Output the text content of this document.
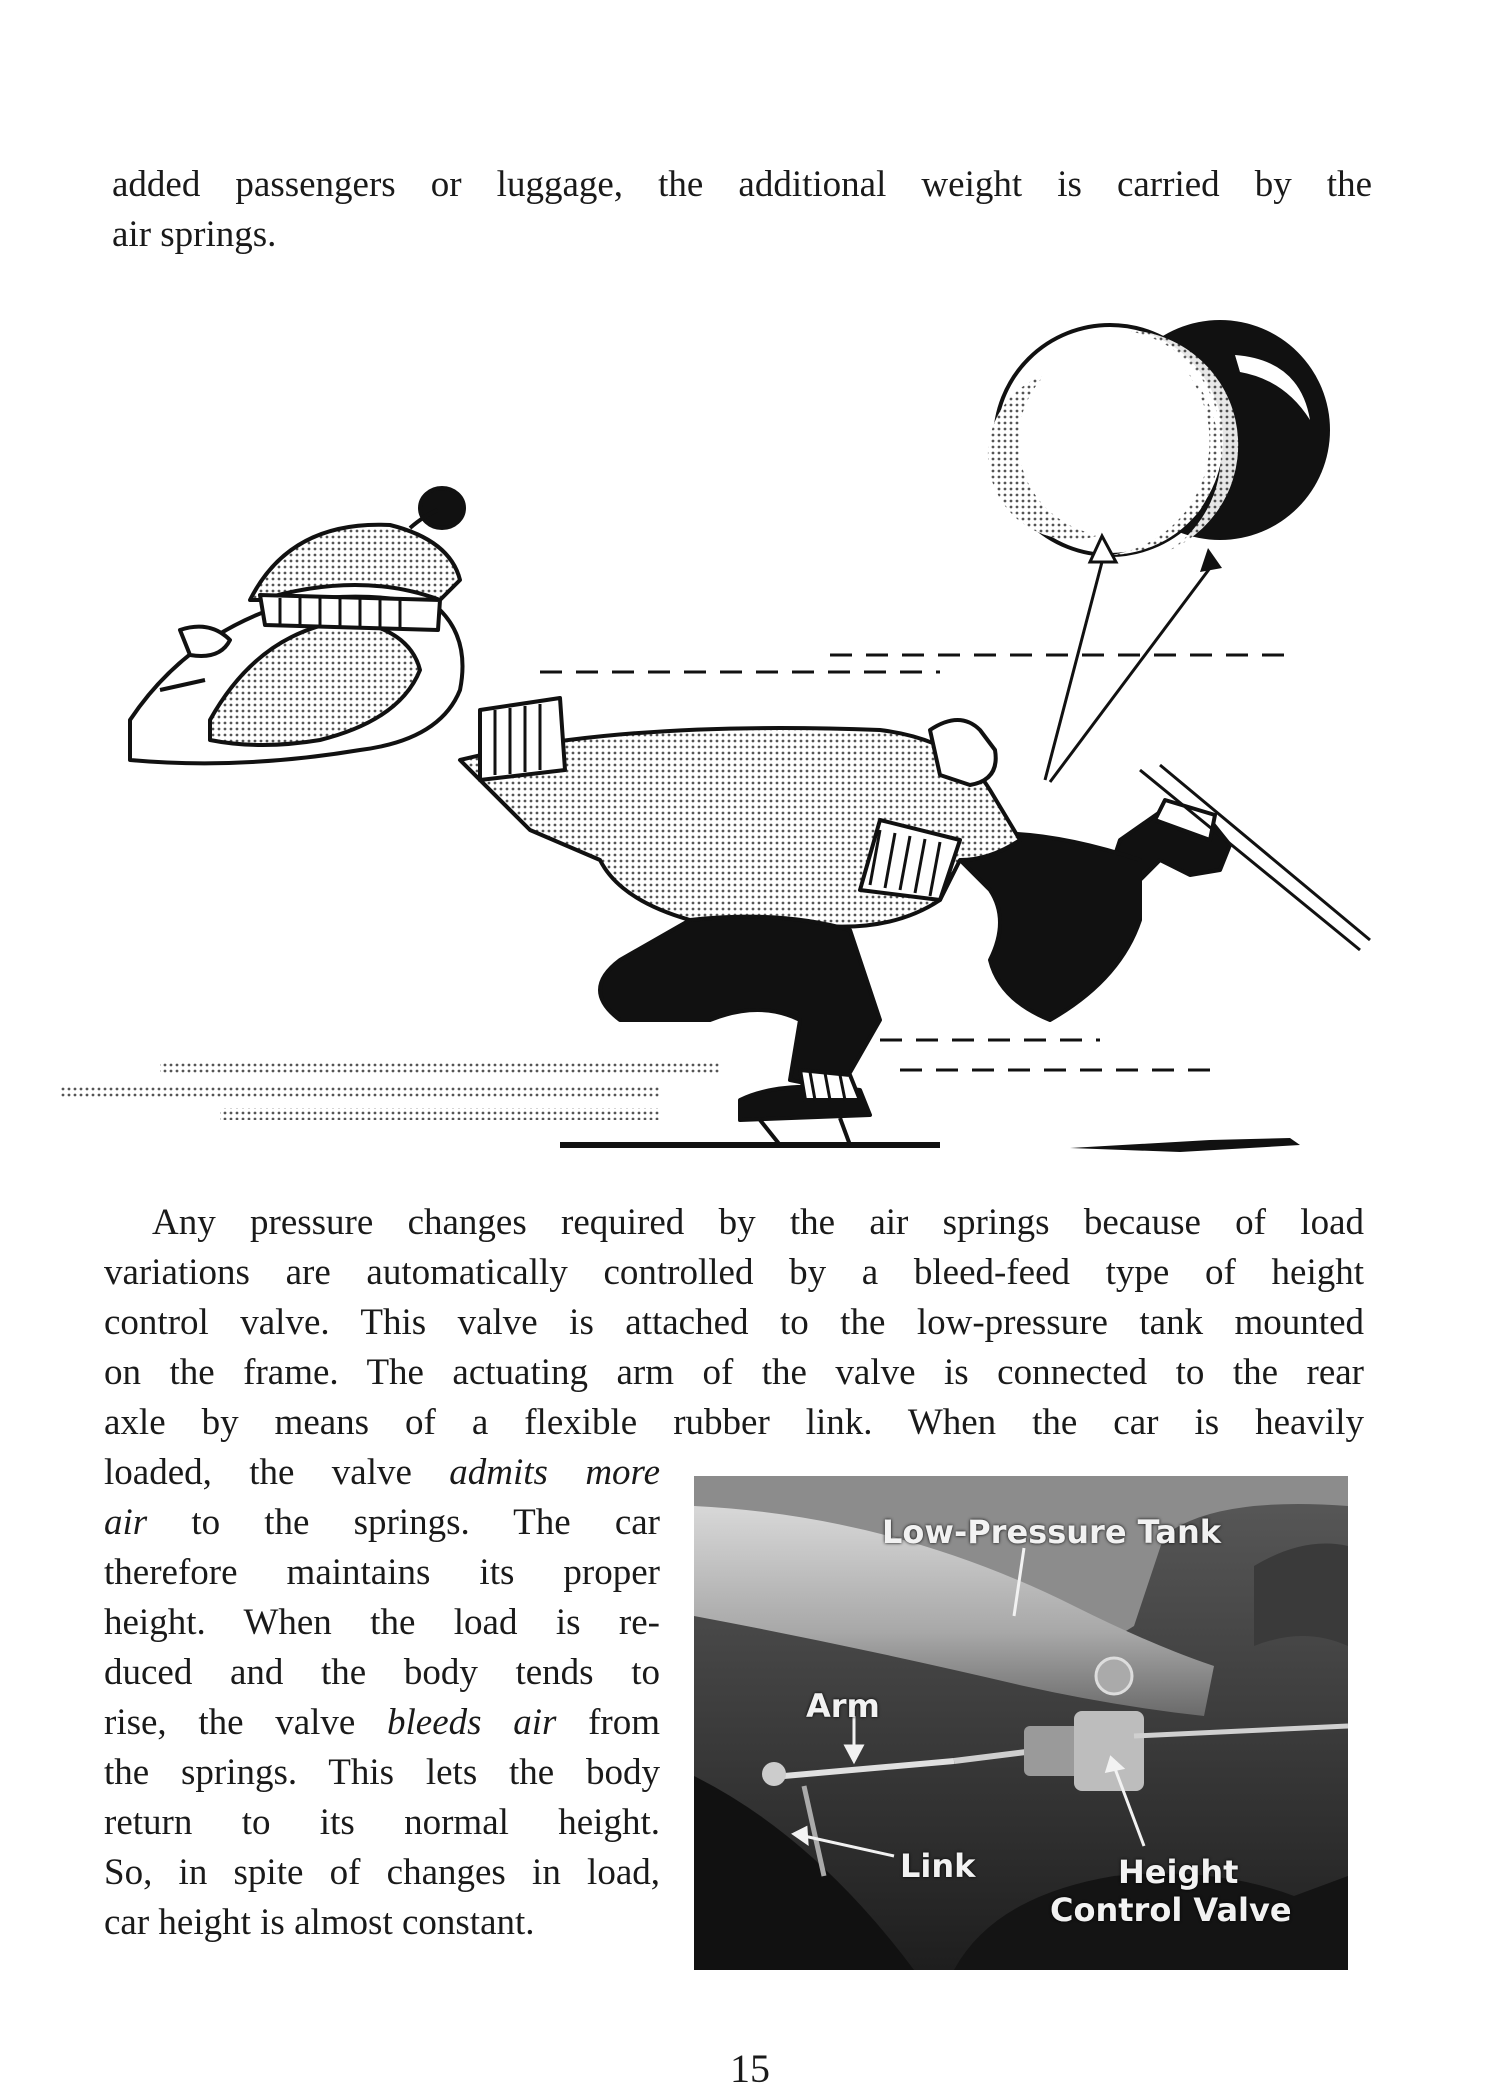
added passengers or luggage, the additional weight is carried by the
air springs.
Any pressure changes required by the air springs because of load
variations are automatically controlled by a bleed-feed type of height
control valve. This valve is attached to the low-pressure tank mounted
on the frame. The actuating arm of the valve is connected to the rear
axle by means of a flexible rubber link. When the car is heavily
loaded, the valve admits more
air to the springs. The car
therefore maintains its proper
height. When the load is re-
duced and the body tends to
rise, the valve bleeds air from
the springs. This lets the body
return to its normal height.
So, in spite of changes in load,
car height is almost constant.
Low-Pressure Tank
Arm
Link	Height
Control Valve
15
